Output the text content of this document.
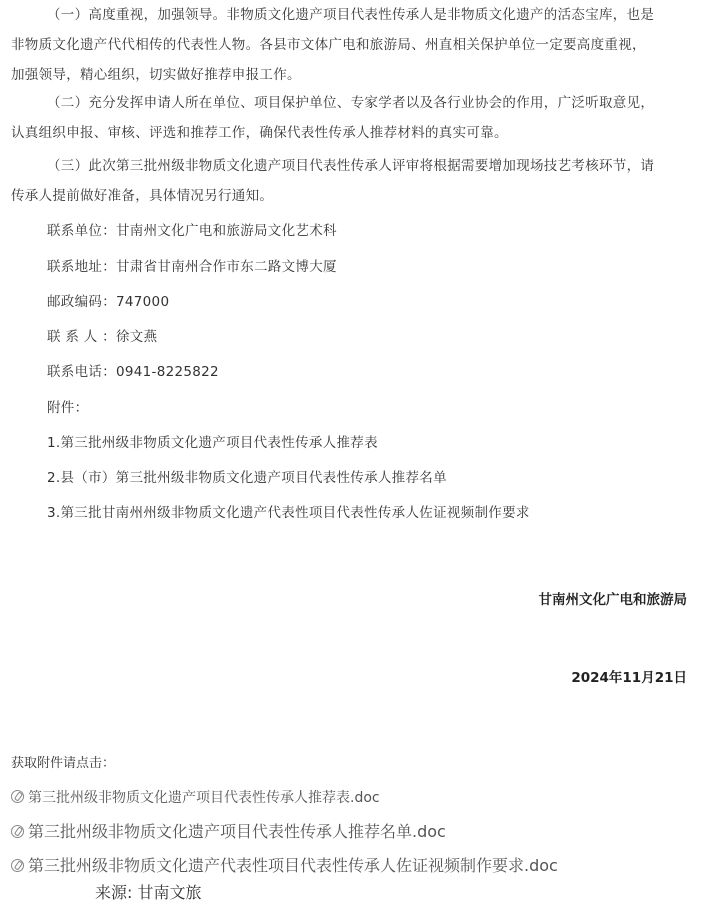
（一）高度重视，加强领导。非物质文化遗产项目代表性传承人是非物质文化遗产的活态宝库，也是
非物质文化遗产代代相传的代表性人物。各县市文体广电和旅游局、州直相关保护单位一定要高度重视，
加强领导，精心组织，切实做好推荐申报工作。
（二）充分发挥申请人所在单位、项目保护单位、专家学者以及各行业协会的作用，广泛听取意见，
认真组织申报、审核、评选和推荐工作，确保代表性传承人推荐材料的真实可靠。
（三）此次第三批州级非物质文化遗产项目代表性传承人评审将根据需要增加现场技艺考核环节，请
传承人提前做好准备，具体情况另行通知。
联系单位：甘南州文化广电和旅游局文化艺术科
联系地址：甘肃省甘南州合作市东二路文博大厦
邮政编码：747000
联 系 人 ：徐文燕
联系电话：0941-8225822
附件：
1.第三批州级非物质文化遗产项目代表性传承人推荐表
2.县（市）第三批州级非物质文化遗产项目代表性传承人推荐名单
3.第三批甘南州州级非物质文化遗产代表性项目代表性传承人佐证视频制作要求
甘南州文化广电和旅游局
2024年11月21日
获取附件请点击：
第三批州级非物质文化遗产项目代表性传承人推荐表.doc
第三批州级非物质文化遗产项目代表性传承人推荐名单.doc
第三批州级非物质文化遗产代表性项目代表性传承人佐证视频制作要求.doc
来源: 甘南文旅
